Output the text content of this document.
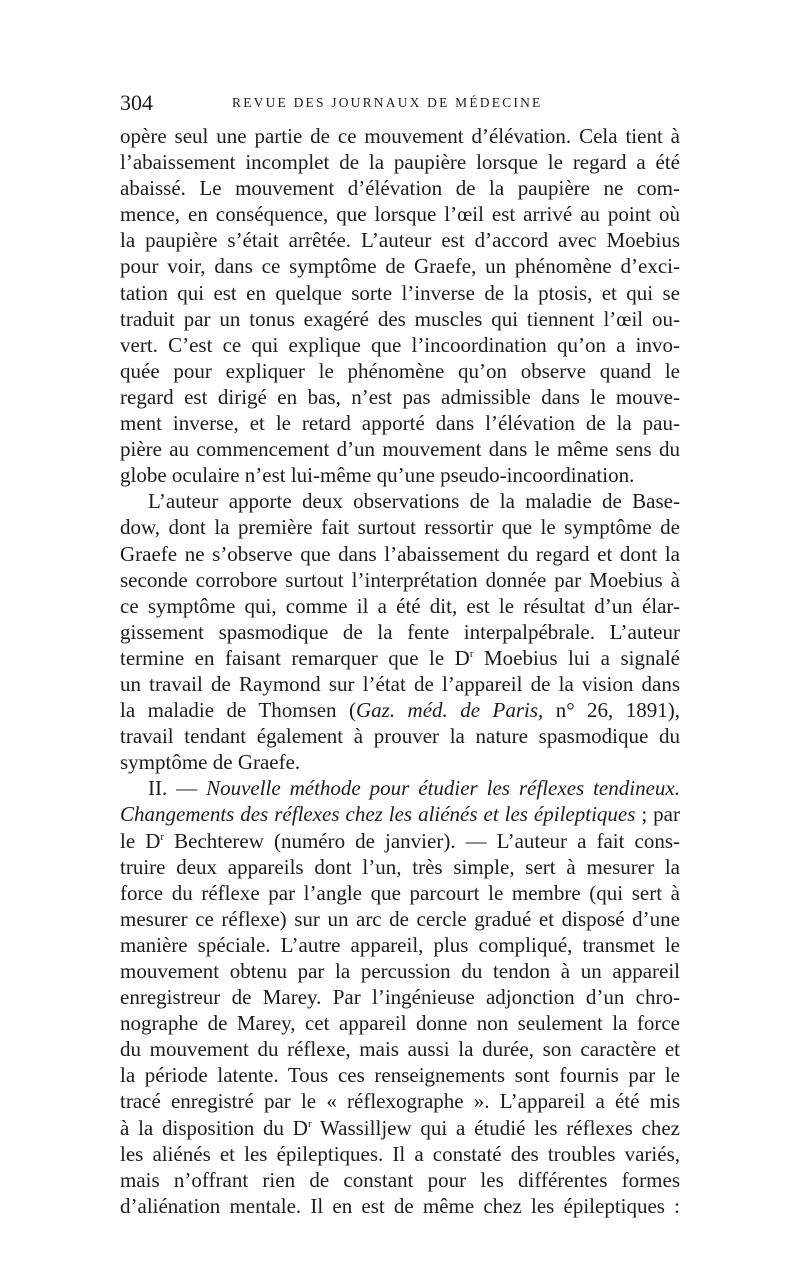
304	REVUE DES JOURNAUX DE MÉDECINE
opère seul une partie de ce mouvement d’élévation. Cela tient à
l’abaissement incomplet de la paupière lorsque le regard a été
abaissé. Le mouvement d’élévation de la paupière ne com-
mence, en conséquence, que lorsque l’œil est arrivé au point où
la paupière s’était arrêtée. L’auteur est d’accord avec Moebius
pour voir, dans ce symptôme de Graefe, un phénomène d’exci-
tation qui est en quelque sorte l’inverse de la ptosis, et qui se
traduit par un tonus exagéré des muscles qui tiennent l’œil ou-
vert. C’est ce qui explique que l’incoordination qu’on a invo-
quée pour expliquer le phénomène qu’on observe quand le
regard est dirigé en bas, n’est pas admissible dans le mouve-
ment inverse, et le retard apporté dans l’élévation de la pau-
pière au commencement d’un mouvement dans le même sens du
globe oculaire n’est lui-même qu’une pseudo-incoordination.
L’auteur apporte deux observations de la maladie de Base-
dow, dont la première fait surtout ressortir que le symptôme de
Graefe ne s’observe que dans l’abaissement du regard et dont la
seconde corrobore surtout l’interprétation donnée par Moebius à
ce symptôme qui, comme il a été dit, est le résultat d’un élar-
gissement spasmodique de la fente interpalpébrale. L’auteur
termine en faisant remarquer que le $D^r$ Moebius lui a signalé
un travail de Raymond sur l’état de l’appareil de la vision dans
la maladie de Thomsen (Gaz. méd. de Paris, n° 26, 1891),
travail tendant également à prouver la nature spasmodique du
symptôme de Graefe.
II. — Nouvelle méthode pour étudier les réflexes tendineux.
Changements des réflexes chez les aliénés et les épileptiques ; par
le $D^r$ Bechterew (numéro de janvier). — L’auteur a fait cons-
truire deux appareils dont l’un, très simple, sert à mesurer la
force du réflexe par l’angle que parcourt le membre (qui sert à
mesurer ce réflexe) sur un arc de cercle gradué et disposé d’une
manière spéciale. L’autre appareil, plus compliqué, transmet le
mouvement obtenu par la percussion du tendon à un appareil
enregistreur de Marey. Par l’ingénieuse adjonction d’un chro-
nographe de Marey, cet appareil donne non seulement la force
du mouvement du réflexe, mais aussi la durée, son caractère et
la période latente. Tous ces renseignements sont fournis par le
tracé enregistré par le « réflexographe ». L’appareil a été mis
à la disposition du $D^r$ Wassilljew qui a étudié les réflexes chez
les aliénés et les épileptiques. Il a constaté des troubles variés,
mais n’offrant rien de constant pour les différentes formes
d’aliénation mentale. Il en est de même chez les épileptiques :
